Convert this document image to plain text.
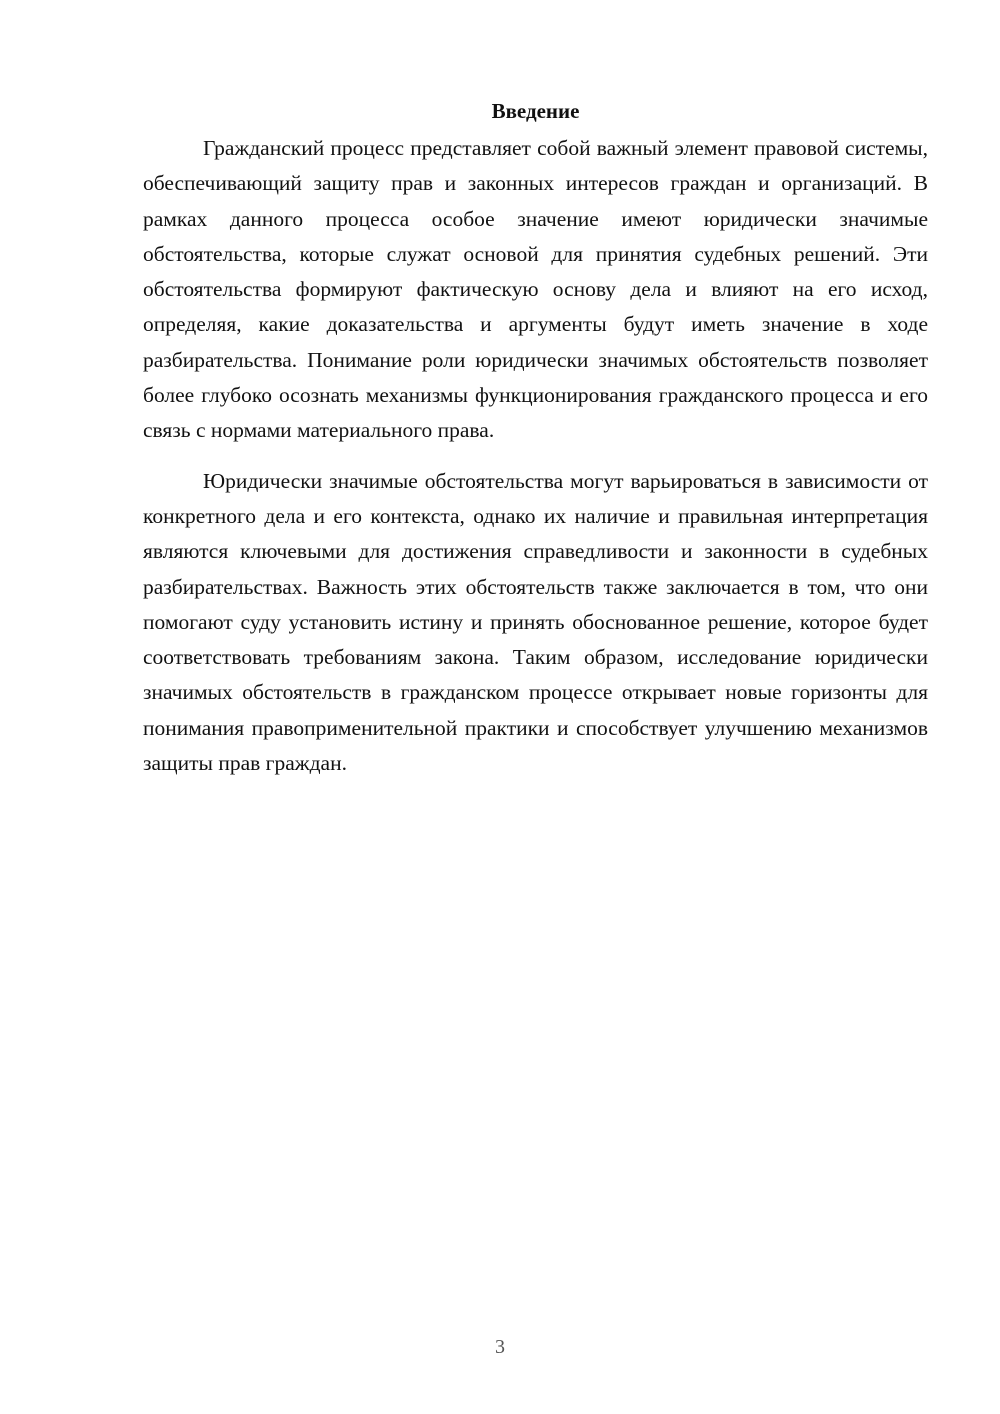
Введение

Гражданский процесс представляет собой важный элемент правовой системы, обеспечивающий защиту прав и законных интересов граждан и организаций. В рамках данного процесса особое значение имеют юридически значимые обстоятельства, которые служат основой для принятия судебных решений. Эти обстоятельства формируют фактическую основу дела и влияют на его исход, определяя, какие доказательства и аргументы будут иметь значение в ходе разбирательства. Понимание роли юридически значимых обстоятельств позволяет более глубоко осознать механизмы функционирования гражданского процесса и его связь с нормами материального права.

Юридически значимые обстоятельства могут варьироваться в зависимости от конкретного дела и его контекста, однако их наличие и правильная интерпретация являются ключевыми для достижения справедливости и законности в судебных разбирательствах. Важность этих обстоятельств также заключается в том, что они помогают суду установить истину и принять обоснованное решение, которое будет соответствовать требованиям закона. Таким образом, исследование юридически значимых обстоятельств в гражданском процессе открывает новые горизонты для понимания правоприменительной практики и способствует улучшению механизмов защиты прав граждан.

3
